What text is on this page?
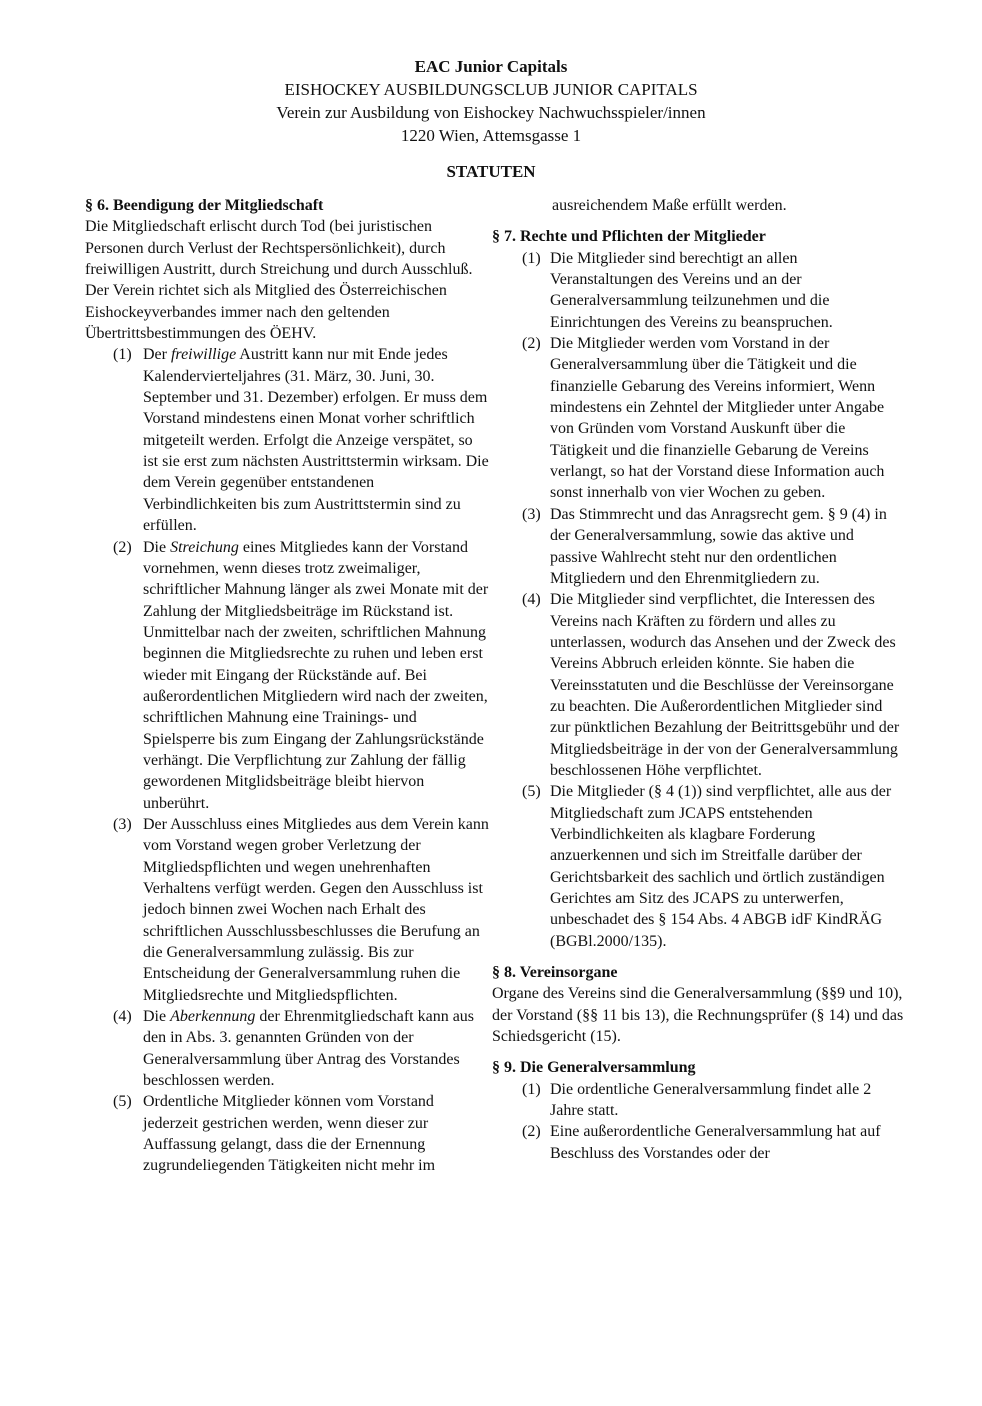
EAC Junior Capitals
EISHOCKEY AUSBILDUNGSCLUB JUNIOR CAPITALS
Verein zur Ausbildung von Eishockey Nachwuchsspieler/innen
1220 Wien, Attemsgasse 1
STATUTEN
§ 6. Beendigung der Mitgliedschaft
Die Mitgliedschaft erlischt durch Tod (bei juristischen Personen durch Verlust der Rechtspersönlichkeit), durch freiwilligen Austritt, durch Streichung und durch Ausschluß.
Der Verein richtet sich als Mitglied des Österreichischen Eishockeyverbandes immer nach den geltenden Übertrittsbestimmungen des ÖEHV.
(1) Der freiwillige Austritt kann nur mit Ende jedes Kalendervierteljahres (31. März, 30. Juni, 30. September und 31. Dezember) erfolgen. Er muss dem Vorstand mindestens einen Monat vorher schriftlich mitgeteilt werden. Erfolgt die Anzeige verspätet, so ist sie erst zum nächsten Austrittstermin wirksam. Die dem Verein gegenüber entstandenen Verbindlichkeiten bis zum Austrittstermin sind zu erfüllen.
(2) Die Streichung eines Mitgliedes kann der Vorstand vornehmen, wenn dieses trotz zweimaliger, schriftlicher Mahnung länger als zwei Monate mit der Zahlung der Mitgliedsbeiträge im Rückstand ist. Unmittelbar nach der zweiten, schriftlichen Mahnung beginnen die Mitgliedsrechte zu ruhen und leben erst wieder mit Eingang der Rückstände auf. Bei außerordentlichen Mitgliedern wird nach der zweiten, schriftlichen Mahnung eine Trainings- und Spielsperre bis zum Eingang der Zahlungsrückstände verhängt. Die Verpflichtung zur Zahlung der fällig gewordenen Mitglidsbeiträge bleibt hiervon unberührt.
(3) Der Ausschluss eines Mitgliedes aus dem Verein kann vom Vorstand wegen grober Verletzung der Mitgliedspflichten und wegen unehrenhaften Verhaltens verfügt werden. Gegen den Ausschluss ist jedoch binnen zwei Wochen nach Erhalt des schriftlichen Ausschlussbeschlusses die Berufung an die Generalversammlung zulässig. Bis zur Entscheidung der Generalversammlung ruhen die Mitgliedsrechte und Mitgliedspflichten.
(4) Die Aberkennung der Ehrenmitgliedschaft kann aus den in Abs. 3. genannten Gründen von der Generalversammlung über Antrag des Vorstandes beschlossen werden.
(5) Ordentliche Mitglieder können vom Vorstand jederzeit gestrichen werden, wenn dieser zur Auffassung gelangt, dass die der Ernennung zugrundeliegenden Tätigkeiten nicht mehr im
ausreichendem Maße erfüllt werden.
§ 7. Rechte und Pflichten der Mitglieder
(1) Die Mitglieder sind berechtigt an allen Veranstaltungen des Vereins und an der Generalversammlung teilzunehmen und die Einrichtungen des Vereins zu beanspruchen.
(2) Die Mitglieder werden vom Vorstand in der Generalversammlung über die Tätigkeit und die finanzielle Gebarung des Vereins informiert, Wenn mindestens ein Zehntel der Mitglieder unter Angabe von Gründen vom Vorstand Auskunft über die Tätigkeit und die finanzielle Gebarung de Vereins verlangt, so hat der Vorstand diese Information auch sonst innerhalb von vier Wochen zu geben.
(3) Das Stimmrecht und das Anragsrecht gem. § 9 (4) in der Generalversammlung, sowie das aktive und passive Wahlrecht steht nur den ordentlichen Mitgliedern und den Ehrenmitgliedern zu.
(4) Die Mitglieder sind verpflichtet, die Interessen des Vereins nach Kräften zu fördern und alles zu unterlassen, wodurch das Ansehen und der Zweck des Vereins Abbruch erleiden könnte. Sie haben die Vereinsstatuten und die Beschlüsse der Vereinsorgane zu beachten. Die Außerordentlichen Mitglieder sind zur pünktlichen Bezahlung der Beitrittsgebühr und der Mitgliedsbeiträge in der von der Generalversammlung beschlossenen Höhe verpflichtet.
(5) Die Mitglieder (§ 4 (1)) sind verpflichtet, alle aus der Mitgliedschaft zum JCAPS entstehenden Verbindlichkeiten als klagbare Forderung anzuerkennen und sich im Streitfalle darüber der Gerichtsbarkeit des sachlich und örtlich zuständigen Gerichtes am Sitz des JCAPS zu unterwerfen, unbeschadet des § 154 Abs. 4 ABGB idF KindRÄG (BGBl.2000/135).
§ 8. Vereinsorgane
Organe des Vereins sind die Generalversammlung (§§9 und 10), der Vorstand (§§ 11 bis 13), die Rechnungsprüfer (§ 14) und das Schiedsgericht (15).
§ 9. Die Generalversammlung
(1) Die ordentliche Generalversammlung findet alle 2 Jahre statt.
(2) Eine außerordentliche Generalversammlung hat auf Beschluss des Vorstandes oder der
